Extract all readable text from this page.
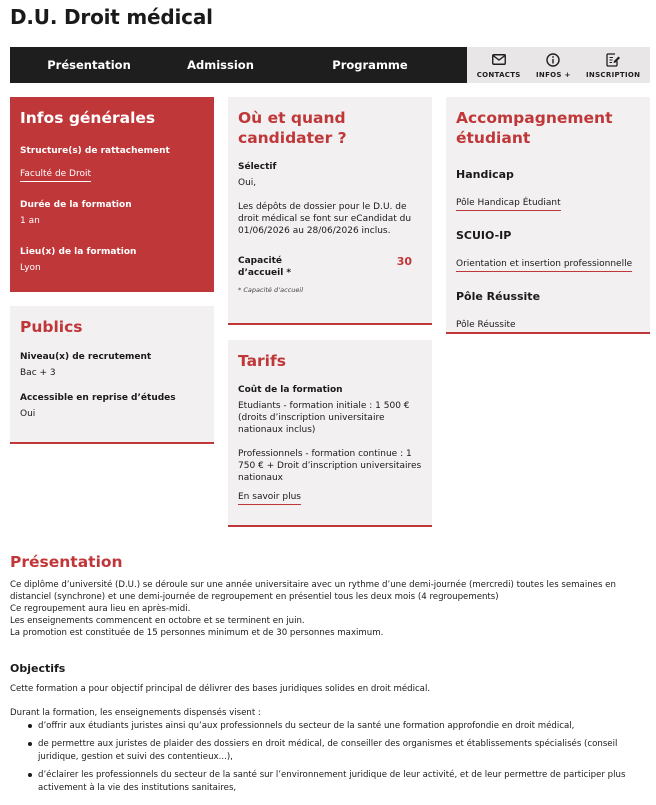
D.U. Droit médical
Présentation	Admission	Programme
CONTACTS INFOS + INSCRIPTION
Infos générales
Structure(s) de rattachement
Faculté de Droit
Durée de la formation
1 an
Lieu(x) de la formation
Lyon
Publics
Niveau(x) de recrutement
Bac + 3
Accessible en reprise d’études
Oui
Où et quand candidater ?
Sélectif
Oui,
Les dépôts de dossier pour le D.U. de droit médical se font sur eCandidat du 01/06/2026 au 28/06/2026 inclus.
Capacité d’accueil *
30
* Capacité d’accueil
Tarifs
Coût de la formation
Etudiants - formation initiale : 1 500 € (droits d’inscription universitaire nationaux inclus)
Professionnels - formation continue : 1 750 € + Droit d’inscription universitaires nationaux
En savoir plus
Accompagnement étudiant
Handicap
Pôle Handicap Étudiant
SCUIO-IP
Orientation et insertion professionnelle
Pôle Réussite
Pôle Réussite
Présentation

Ce diplôme d’université (D.U.) se déroule sur une année universitaire avec un rythme d’une demi-journée (mercredi) toutes les semaines en distanciel (synchrone) et une demi-journée de regroupement en présentiel tous les deux mois (4 regroupements)

Ce regroupement aura lieu en après-midi.

Les enseignements commencent en octobre et se terminent en juin.

La promotion est constituée de 15 personnes minimum et de 30 personnes maximum.

Objectifs

Cette formation a pour objectif principal de délivrer des bases juridiques solides en droit médical.

Durant la formation, les enseignements dispensés visent :

d’offrir aux étudiants juristes ainsi qu’aux professionnels du secteur de la santé une formation approfondie en droit médical,
de permettre aux juristes de plaider des dossiers en droit médical, de conseiller des organismes et établissements spécialisés (conseil juridique, gestion et suivi des contentieux...),
d’éclairer les professionnels du secteur de la santé sur l’environnement juridique de leur activité, et de leur permettre de participer plus activement à la vie des institutions sanitaires,
